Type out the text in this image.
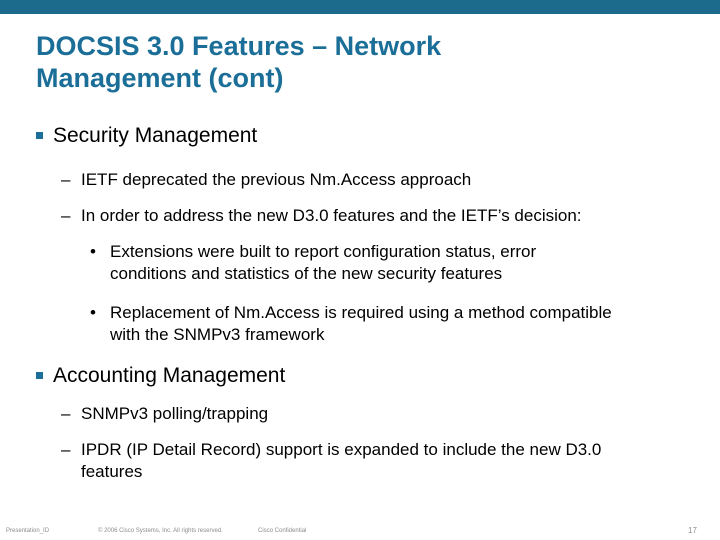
DOCSIS 3.0 Features – Network
Management (cont)
Security Management
– IETF deprecated the previous Nm.Access approach
– In order to address the new D3.0 features and the IETF’s decision:
• Extensions were built to report configuration status, error
conditions and statistics of the new security features
• Replacement of Nm.Access is required using a method compatible
with the SNMPv3 framework
Accounting Management
– SNMPv3 polling/trapping
– IPDR (IP Detail Record) support is expanded to include the new D3.0
features
Presentation_ID	© 2006 Cisco Systems, Inc. All rights reserved.	Cisco Confidential	17
